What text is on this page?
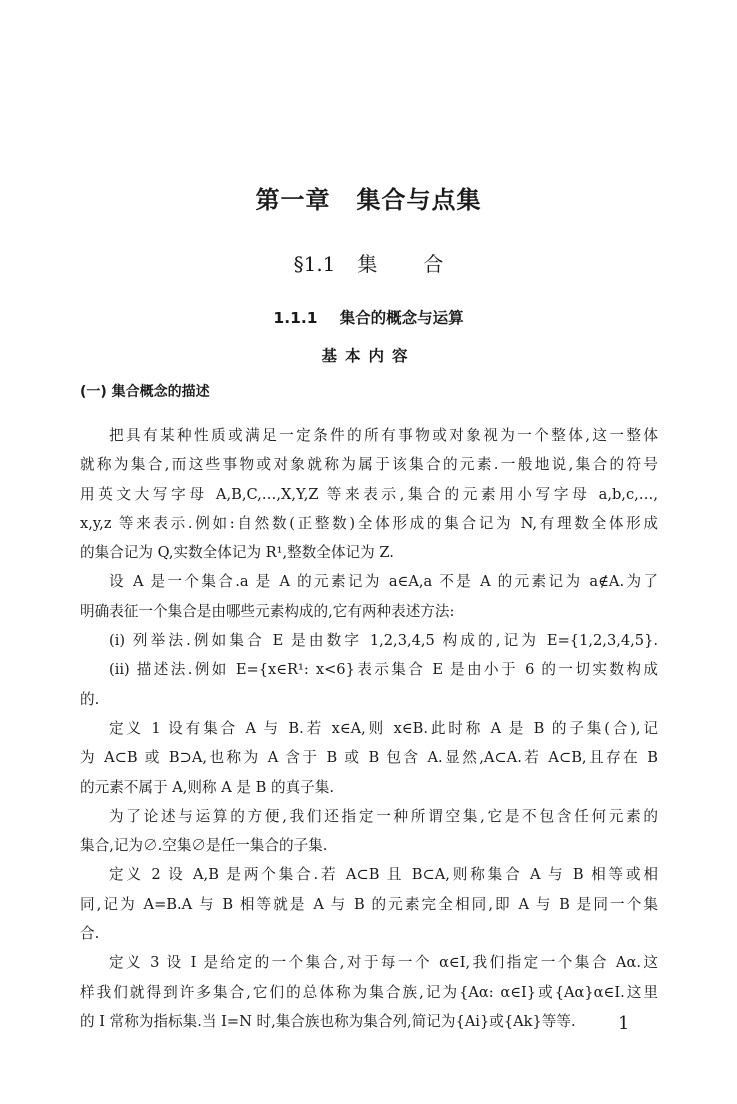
第一章 集合与点集
§1.1 集 合
1.1.1 集合的概念与运算
基本内容
(一) 集合概念的描述
把具有某种性质或满足一定条件的所有事物或对象视为一个整体,这一整体
就称为集合,而这些事物或对象就称为属于该集合的元素.一般地说,集合的符号
用英文大写字母 A,B,C,…,X,Y,Z 等来表示,集合的元素用小写字母 a,b,c,…,
x,y,z 等来表示.例如:自然数(正整数)全体形成的集合记为 N,有理数全体形成
的集合记为 Q,实数全体记为 R¹,整数全体记为 Z.
设 A 是一个集合.a 是 A 的元素记为 a∈A,a 不是 A 的元素记为 a∉A.为了
明确表征一个集合是由哪些元素构成的,它有两种表述方法:
(i) 列举法.例如集合 E 是由数字 1,2,3,4,5 构成的,记为 E={1,2,3,4,5}.
(ii) 描述法.例如 E={x∈R¹: x<6}表示集合 E 是由小于 6 的一切实数构成
的.
定义 1 设有集合 A 与 B.若 x∈A,则 x∈B.此时称 A 是 B 的子集(合),记
为 A⊂B 或 B⊃A,也称为 A 含于 B 或 B 包含 A.显然,A⊂A.若 A⊂B,且存在 B
的元素不属于 A,则称 A 是 B 的真子集.
为了论述与运算的方便,我们还指定一种所谓空集,它是不包含任何元素的
集合,记为∅.空集∅是任一集合的子集.
定义 2 设 A,B 是两个集合.若 A⊂B 且 B⊂A,则称集合 A 与 B 相等或相
同,记为 A=B.A 与 B 相等就是 A 与 B 的元素完全相同,即 A 与 B 是同一个集
合.
定义 3 设 I 是给定的一个集合,对于每一个 α∈I,我们指定一个集合 Aα.这
样我们就得到许多集合,它们的总体称为集合族,记为{Aα: α∈I}或{Aα}α∈I.这里
的 I 常称为指标集.当 I=N 时,集合族也称为集合列,简记为{Ai}或{Ak}等等.	1
